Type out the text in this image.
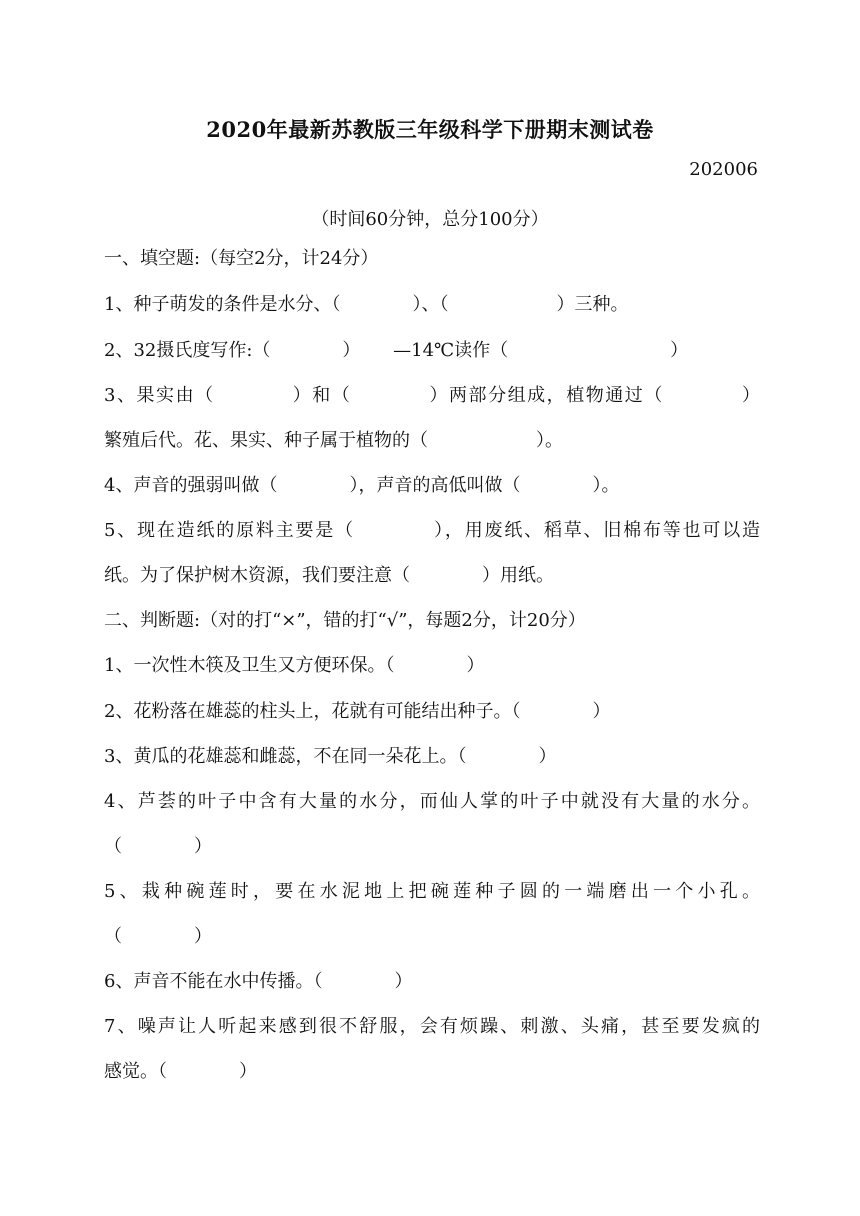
2020年最新苏教版三年级科学下册期末测试卷
202006
（时间60分钟，总分100分）
一、填空题:（每空2分，计24分）
1、种子萌发的条件是水分、（　　　　）、（　　　　　　）三种。
2、32摄氏度写作:（　　　　）　　 —14℃读作（　　　　　　　　　）
3、果实由（　　　　）和（　　　　）两部分组成，植物通过（　　　　）
繁殖后代。花、果实、种子属于植物的（　　　　　　）。
4、声音的强弱叫做（　　　　），声音的高低叫做（　　　　）。
5、现在造纸的原料主要是（　　　　），用废纸、稻草、旧棉布等也可以造
纸。为了保护树木资源，我们要注意（　　　　）用纸。
二、判断题:（对的打“×”，错的打“√”，每题2分，计20分）
1、一次性木筷及卫生又方便环保。（　　　　）
2、花粉落在雄蕊的柱头上，花就有可能结出种子。（　　　　）
3、黄瓜的花雄蕊和雌蕊，不在同一朵花上。（　　　　）
4、芦荟的叶子中含有大量的水分，而仙人掌的叶子中就没有大量的水分。
（　　　　）
5、栽种碗莲时，要在水泥地上把碗莲种子圆的一端磨出一个小孔。
（　　　　）
6、声音不能在水中传播。（　　　　）
7、噪声让人听起来感到很不舒服，会有烦躁、刺激、头痛，甚至要发疯的
感觉。（　　　　）
